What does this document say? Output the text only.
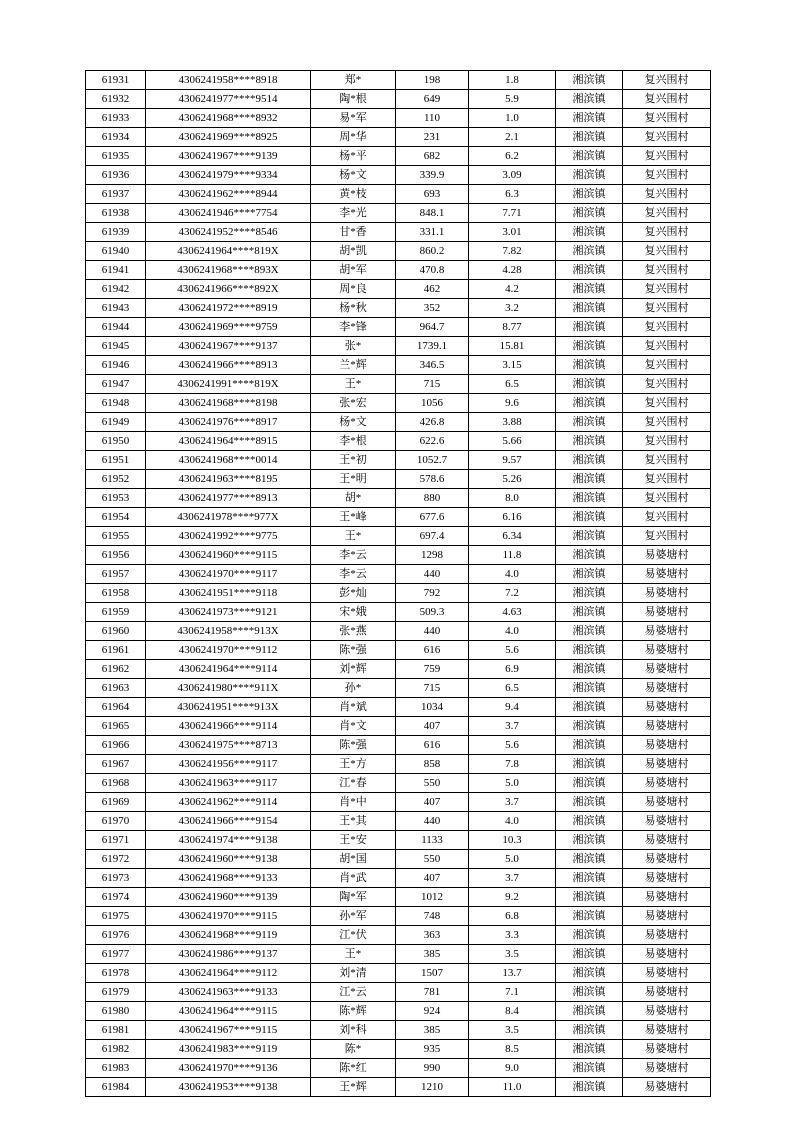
61931	4306241958****8918	郑*	198	1.8	湘滨镇	复兴围村
61932	4306241977****9514	陶*根	649	5.9	湘滨镇	复兴围村
61933	4306241968****8932	易*军	110	1.0	湘滨镇	复兴围村
61934	4306241969****8925	周*华	231	2.1	湘滨镇	复兴围村
61935	4306241967****9139	杨*平	682	6.2	湘滨镇	复兴围村
61936	4306241979****9334	杨*文	339.9	3.09	湘滨镇	复兴围村
61937	4306241962****8944	黄*枝	693	6.3	湘滨镇	复兴围村
61938	4306241946****7754	李*光	848.1	7.71	湘滨镇	复兴围村
61939	4306241952****8546	甘*香	331.1	3.01	湘滨镇	复兴围村
61940	4306241964****819X	胡*凯	860.2	7.82	湘滨镇	复兴围村
61941	4306241968****893X	胡*军	470.8	4.28	湘滨镇	复兴围村
61942	4306241966****892X	周*良	462	4.2	湘滨镇	复兴围村
61943	4306241972****8919	杨*秋	352	3.2	湘滨镇	复兴围村
61944	4306241969****9759	李*锋	964.7	8.77	湘滨镇	复兴围村
61945	4306241967****9137	张*	1739.1	15.81	湘滨镇	复兴围村
61946	4306241966****8913	兰*辉	346.5	3.15	湘滨镇	复兴围村
61947	4306241991****819X	王*	715	6.5	湘滨镇	复兴围村
61948	4306241968****8198	张*宏	1056	9.6	湘滨镇	复兴围村
61949	4306241976****8917	杨*文	426.8	3.88	湘滨镇	复兴围村
61950	4306241964****8915	李*根	622.6	5.66	湘滨镇	复兴围村
61951	4306241968****0014	王*初	1052.7	9.57	湘滨镇	复兴围村
61952	4306241963****8195	王*明	578.6	5.26	湘滨镇	复兴围村
61953	4306241977****8913	胡*	880	8.0	湘滨镇	复兴围村
61954	4306241978****977X	王*峰	677.6	6.16	湘滨镇	复兴围村
61955	4306241992****9775	王*	697.4	6.34	湘滨镇	复兴围村
61956	4306241960****9115	李*云	1298	11.8	湘滨镇	易婆塘村
61957	4306241970****9117	李*云	440	4.0	湘滨镇	易婆塘村
61958	4306241951****9118	彭*灿	792	7.2	湘滨镇	易婆塘村
61959	4306241973****9121	宋*娥	509.3	4.63	湘滨镇	易婆塘村
61960	4306241958****913X	张*燕	440	4.0	湘滨镇	易婆塘村
61961	4306241970****9112	陈*强	616	5.6	湘滨镇	易婆塘村
61962	4306241964****9114	刘*辉	759	6.9	湘滨镇	易婆塘村
61963	4306241980****911X	孙*	715	6.5	湘滨镇	易婆塘村
61964	4306241951****913X	肖*斌	1034	9.4	湘滨镇	易婆塘村
61965	4306241966****9114	肖*文	407	3.7	湘滨镇	易婆塘村
61966	4306241975****8713	陈*强	616	5.6	湘滨镇	易婆塘村
61967	4306241956****9117	王*方	858	7.8	湘滨镇	易婆塘村
61968	4306241963****9117	江*春	550	5.0	湘滨镇	易婆塘村
61969	4306241962****9114	肖*中	407	3.7	湘滨镇	易婆塘村
61970	4306241966****9154	王*其	440	4.0	湘滨镇	易婆塘村
61971	4306241974****9138	王*安	1133	10.3	湘滨镇	易婆塘村
61972	4306241960****9138	胡*国	550	5.0	湘滨镇	易婆塘村
61973	4306241968****9133	肖*武	407	3.7	湘滨镇	易婆塘村
61974	4306241960****9139	陶*军	1012	9.2	湘滨镇	易婆塘村
61975	4306241970****9115	孙*军	748	6.8	湘滨镇	易婆塘村
61976	4306241968****9119	江*伏	363	3.3	湘滨镇	易婆塘村
61977	4306241986****9137	王*	385	3.5	湘滨镇	易婆塘村
61978	4306241964****9112	刘*清	1507	13.7	湘滨镇	易婆塘村
61979	4306241963****9133	江*云	781	7.1	湘滨镇	易婆塘村
61980	4306241964****9115	陈*辉	924	8.4	湘滨镇	易婆塘村
61981	4306241967****9115	刘*科	385	3.5	湘滨镇	易婆塘村
61982	4306241983****9119	陈*	935	8.5	湘滨镇	易婆塘村
61983	4306241970****9136	陈*红	990	9.0	湘滨镇	易婆塘村
61984	4306241953****9138	王*辉	1210	11.0	湘滨镇	易婆塘村
